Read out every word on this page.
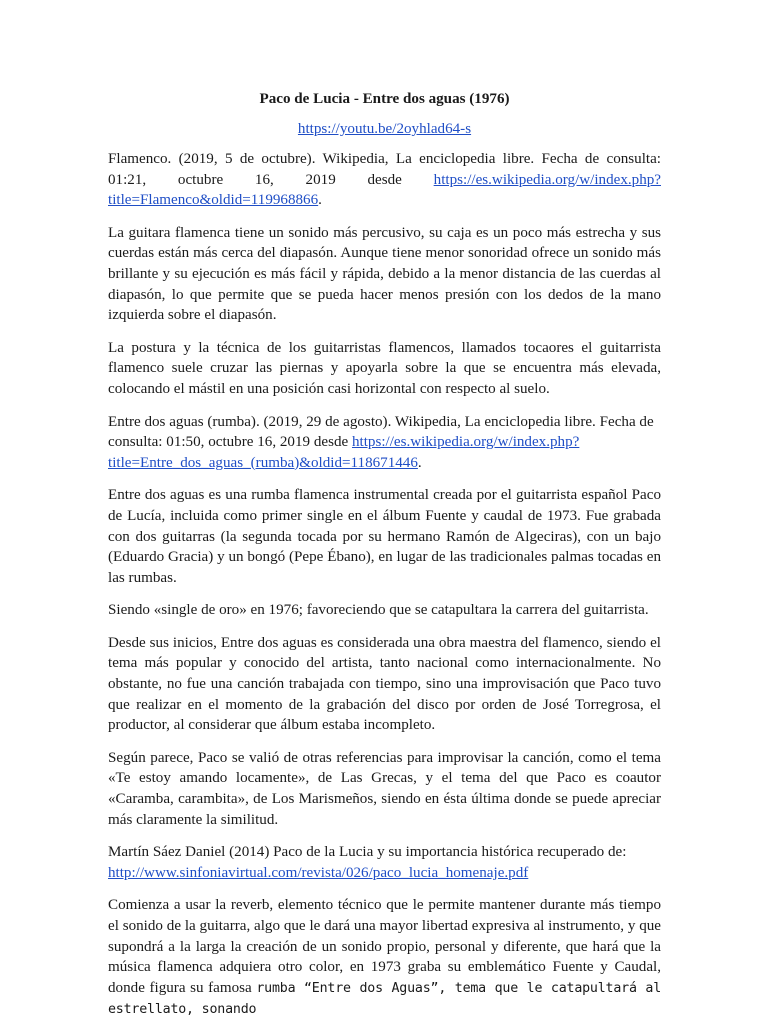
Paco de Lucia - Entre dos aguas (1976)
https://youtu.be/2oyhlad64-s

Flamenco. (2019, 5 de octubre). Wikipedia, La enciclopedia libre. Fecha de consulta: 01:21, octubre 16, 2019 desde https://es.wikipedia.org/w/index.php?title=Flamenco&oldid=119968866.

La guitara flamenca tiene un sonido más percusivo, su caja es un poco más estrecha y sus cuerdas están más cerca del diapasón. Aunque tiene menor sonoridad ofrece un sonido más brillante y su ejecución es más fácil y rápida, debido a la menor distancia de las cuerdas al diapasón, lo que permite que se pueda hacer menos presión con los dedos de la mano izquierda sobre el diapasón.

La postura y la técnica de los guitarristas flamencos, llamados tocaores el guitarrista flamenco suele cruzar las piernas y apoyarla sobre la que se encuentra más elevada, colocando el mástil en una posición casi horizontal con respecto al suelo.

Entre dos aguas (rumba). (2019, 29 de agosto). Wikipedia, La enciclopedia libre. Fecha de consulta: 01:50, octubre 16, 2019 desde https://es.wikipedia.org/w/index.php?title=Entre_dos_aguas_(rumba)&oldid=118671446.

Entre dos aguas es una rumba flamenca instrumental creada por el guitarrista español Paco de Lucía, incluida como primer single en el álbum Fuente y caudal de 1973. Fue grabada con dos guitarras (la segunda tocada por su hermano Ramón de Algeciras), con un bajo (Eduardo Gracia) y un bongó (Pepe Ébano), en lugar de las tradicionales palmas tocadas en las rumbas.

Siendo «single de oro» en 1976; favoreciendo que se catapultara la carrera del guitarrista.

Desde sus inicios, Entre dos aguas es considerada una obra maestra del flamenco, siendo el tema más popular y conocido del artista, tanto nacional como internacionalmente. No obstante, no fue una canción trabajada con tiempo, sino una improvisación que Paco tuvo que realizar en el momento de la grabación del disco por orden de José Torregrosa, el productor, al considerar que álbum estaba incompleto.

Según parece, Paco se valió de otras referencias para improvisar la canción, como el tema «Te estoy amando locamente», de Las Grecas, y el tema del que Paco es coautor «Caramba, carambita», de Los Marismeños, siendo en ésta última donde se puede apreciar más claramente la similitud.

Martín Sáez Daniel (2014) Paco de la Lucia y su importancia histórica recuperado de:
http://www.sinfoniavirtual.com/revista/026/paco_lucia_homenaje.pdf

Comienza a usar la reverb, elemento técnico que le permite mantener durante más tiempo el sonido de la guitarra, algo que le dará una mayor libertad expresiva al instrumento, y que supondrá a la larga la creación de un sonido propio, personal y diferente, que hará que la música flamenca adquiera otro color, en 1973 graba su emblemático Fuente y Caudal, donde figura su famosa rumba “Entre dos Aguas”, tema que le catapultará al estrellato, sonando
